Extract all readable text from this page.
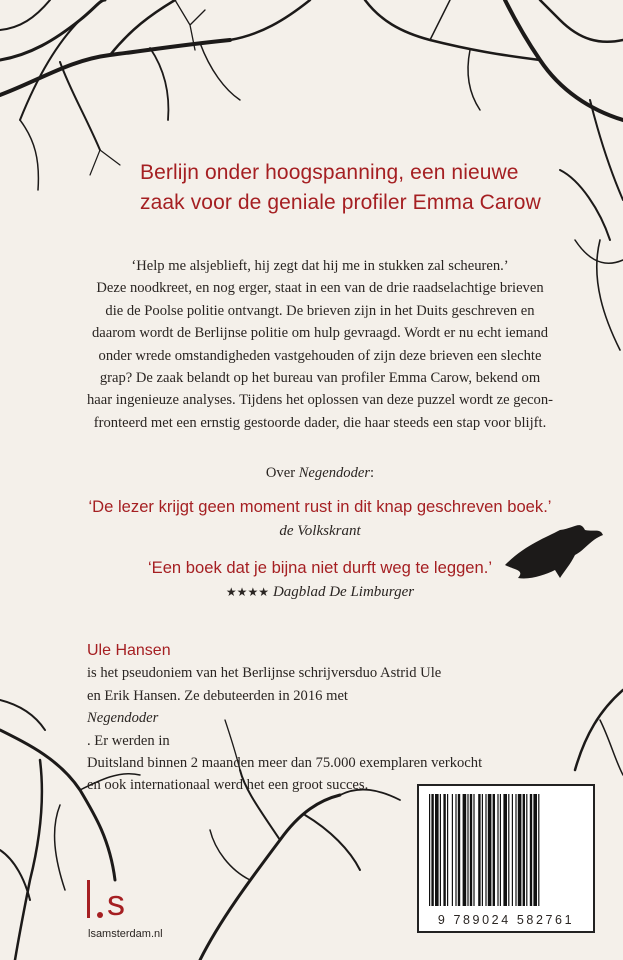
Berlijn onder hoogspanning, een nieuwe
zaak voor de geniale profiler Emma Carow
‘Help me alsjeblieft, hij zegt dat hij me in stukken zal scheuren.’
Deze noodkreet, en nog erger, staat in een van de drie raadselachtige brieven
die de Poolse politie ontvangt. De brieven zijn in het Duits geschreven en
daarom wordt de Berlijnse politie om hulp gevraagd. Wordt er nu echt iemand
onder wrede omstandigheden vastgehouden of zijn deze brieven een slechte
grap? De zaak belandt op het bureau van profiler Emma Carow, bekend om
haar ingenieuze analyses. Tijdens het oplossen van deze puzzel wordt ze gecon-
fronteerd met een ernstig gestoorde dader, die haar steeds een stap voor blijft.
Over Negendoder:
‘De lezer krijgt geen moment rust in dit knap geschreven boek.’
de Volkskrant
‘Een boek dat je bijna niet durft weg te leggen.’
★★★★ Dagblad De Limburger
Ule Hansen
is het pseudoniem van het Berlijnse schrijversduo Astrid Ule
en Erik Hansen. Ze debuteerden in 2016 met
Negendoder
. Er werden in
Duitsland binnen 2 maanden meer dan 75.000 exemplaren verkocht
en ook internationaal werd het een groot succes.
9 789024 582761
s
lsamsterdam.nl
